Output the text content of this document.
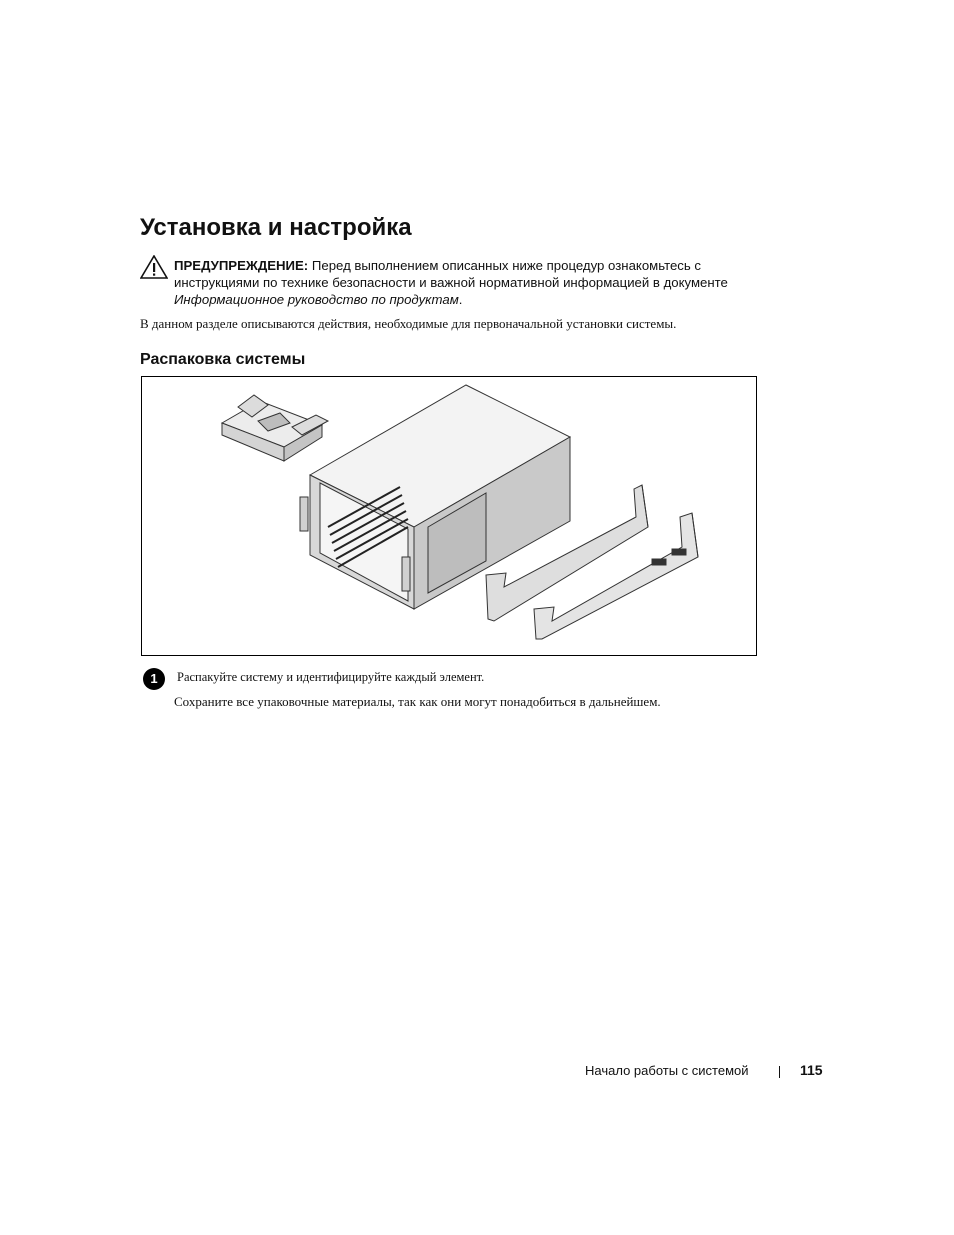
Установка и настройка
ПРЕДУПРЕЖДЕНИЕ: Перед выполнением описанных ниже процедур ознакомьтесь с инструкциями по технике безопасности и важной нормативной информацией в документе Информационное руководство по продуктам.
В данном разделе описываются действия, необходимые для первоначальной установки системы.
Распаковка системы
1	Распакуйте систему и идентифицируйте каждый элемент.
Сохраните все упаковочные материалы, так как они могут понадобиться в дальнейшем.
Начало работы с системой	115
